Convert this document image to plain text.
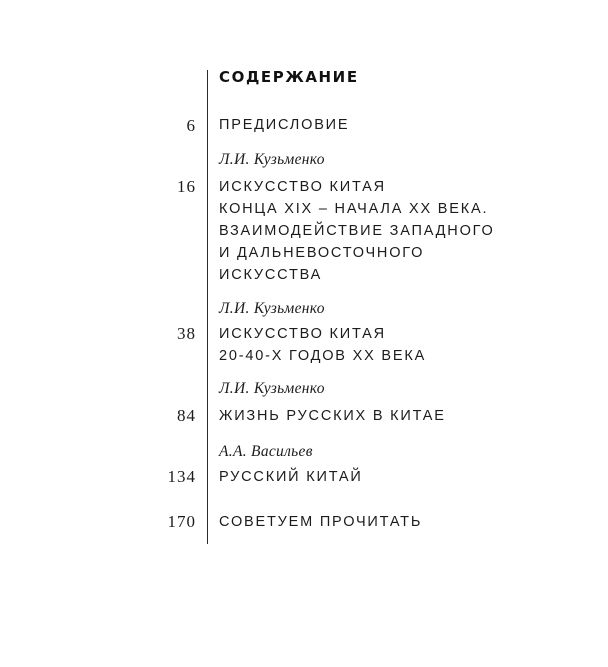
СОДЕРЖАНИЕ
6 ПРЕДИСЛОВИЕ
Л.И. Кузьменко
16 ИСКУССТВО КИТАЯ
КОНЦА XIX – НАЧАЛА XX ВЕКА.
ВЗАИМОДЕЙСТВИЕ ЗАПАДНОГО
И ДАЛЬНЕВОСТОЧНОГО
ИСКУССТВА
Л.И. Кузьменко
38 ИСКУССТВО КИТАЯ
20-40-Х ГОДОВ XX ВЕКА
Л.И. Кузьменко
84 ЖИЗНЬ РУССКИХ В КИТАЕ
А.А. Васильев
134 РУССКИЙ КИТАЙ
170 СОВЕТУЕМ ПРОЧИТАТЬ
